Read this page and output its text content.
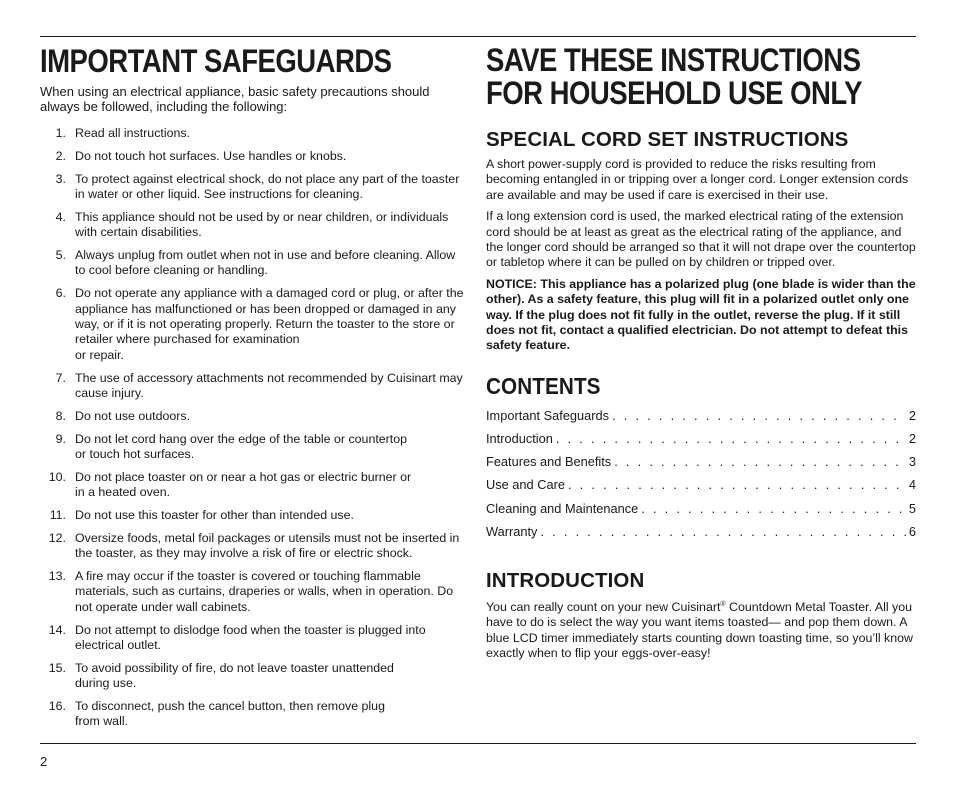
IMPORTANT SAFEGUARDS

When using an electrical appliance, basic safety precautions should always be followed, including the following:

1. Read all instructions.
2. Do not touch hot surfaces. Use handles or knobs.
3. To protect against electrical shock, do not place any part of the toaster in water or other liquid. See instructions for cleaning.
4. This appliance should not be used by or near children, or individuals with certain disabilities.
5. Always unplug from outlet when not in use and before cleaning. Allow to cool before cleaning or handling.
6. Do not operate any appliance with a damaged cord or plug, or after the appliance has malfunctioned or has been dropped or damaged in any way, or if it is not operating properly. Return the toaster to the store or retailer where purchased for examination
or repair.
7. The use of accessory attachments not recommended by Cuisinart may cause injury.
8. Do not use outdoors.
9. Do not let cord hang over the edge of the table or countertop
or touch hot surfaces.
10. Do not place toaster on or near a hot gas or electric burner or
in a heated oven.
11. Do not use this toaster for other than intended use.
12. Oversize foods, metal foil packages or utensils must not be inserted in the toaster, as they may involve a risk of fire or electric shock.
13. A fire may occur if the toaster is covered or touching flammable materials, such as curtains, draperies or walls, when in operation. Do not operate under wall cabinets.
14. Do not attempt to dislodge food when the toaster is plugged into electrical outlet.
15. To avoid possibility of fire, do not leave toaster unattended
during use.
16. To disconnect, push the cancel button, then remove plug
from wall.
SAVE THESE INSTRUCTIONS
FOR HOUSEHOLD USE ONLY
SPECIAL CORD SET INSTRUCTIONS

A short power-supply cord is provided to reduce the risks resulting from becoming entangled in or tripping over a longer cord. Longer extension cords are available and may be used if care is exercised in their use.

If a long extension cord is used, the marked electrical rating of the extension cord should be at least as great as the electrical rating of the appliance, and the longer cord should be arranged so that it will not drape over the countertop or tabletop where it can be pulled on by children or tripped over.

NOTICE: This appliance has a polarized plug (one blade is wider than the other). As a safety feature, this plug will fit in a polarized outlet only one way. If the plug does not fit fully in the outlet, reverse the plug. If it still does not fit, contact a qualified electrician. Do not attempt to defeat this safety feature.

CONTENTS
Important Safeguards . . .	2
Introduction . . .	2
Features and Benefits . . .	3
Use and Care . . .	4
Cleaning and Maintenance . . .	5
Warranty . . .	6
INTRODUCTION

You can really count on your new Cuisinart® Countdown Metal Toaster. All you have to do is select the way you want items toasted— and pop them down. A blue LCD timer immediately starts counting down toasting time, so you’ll know exactly when to flip your eggs-over-easy!

2
